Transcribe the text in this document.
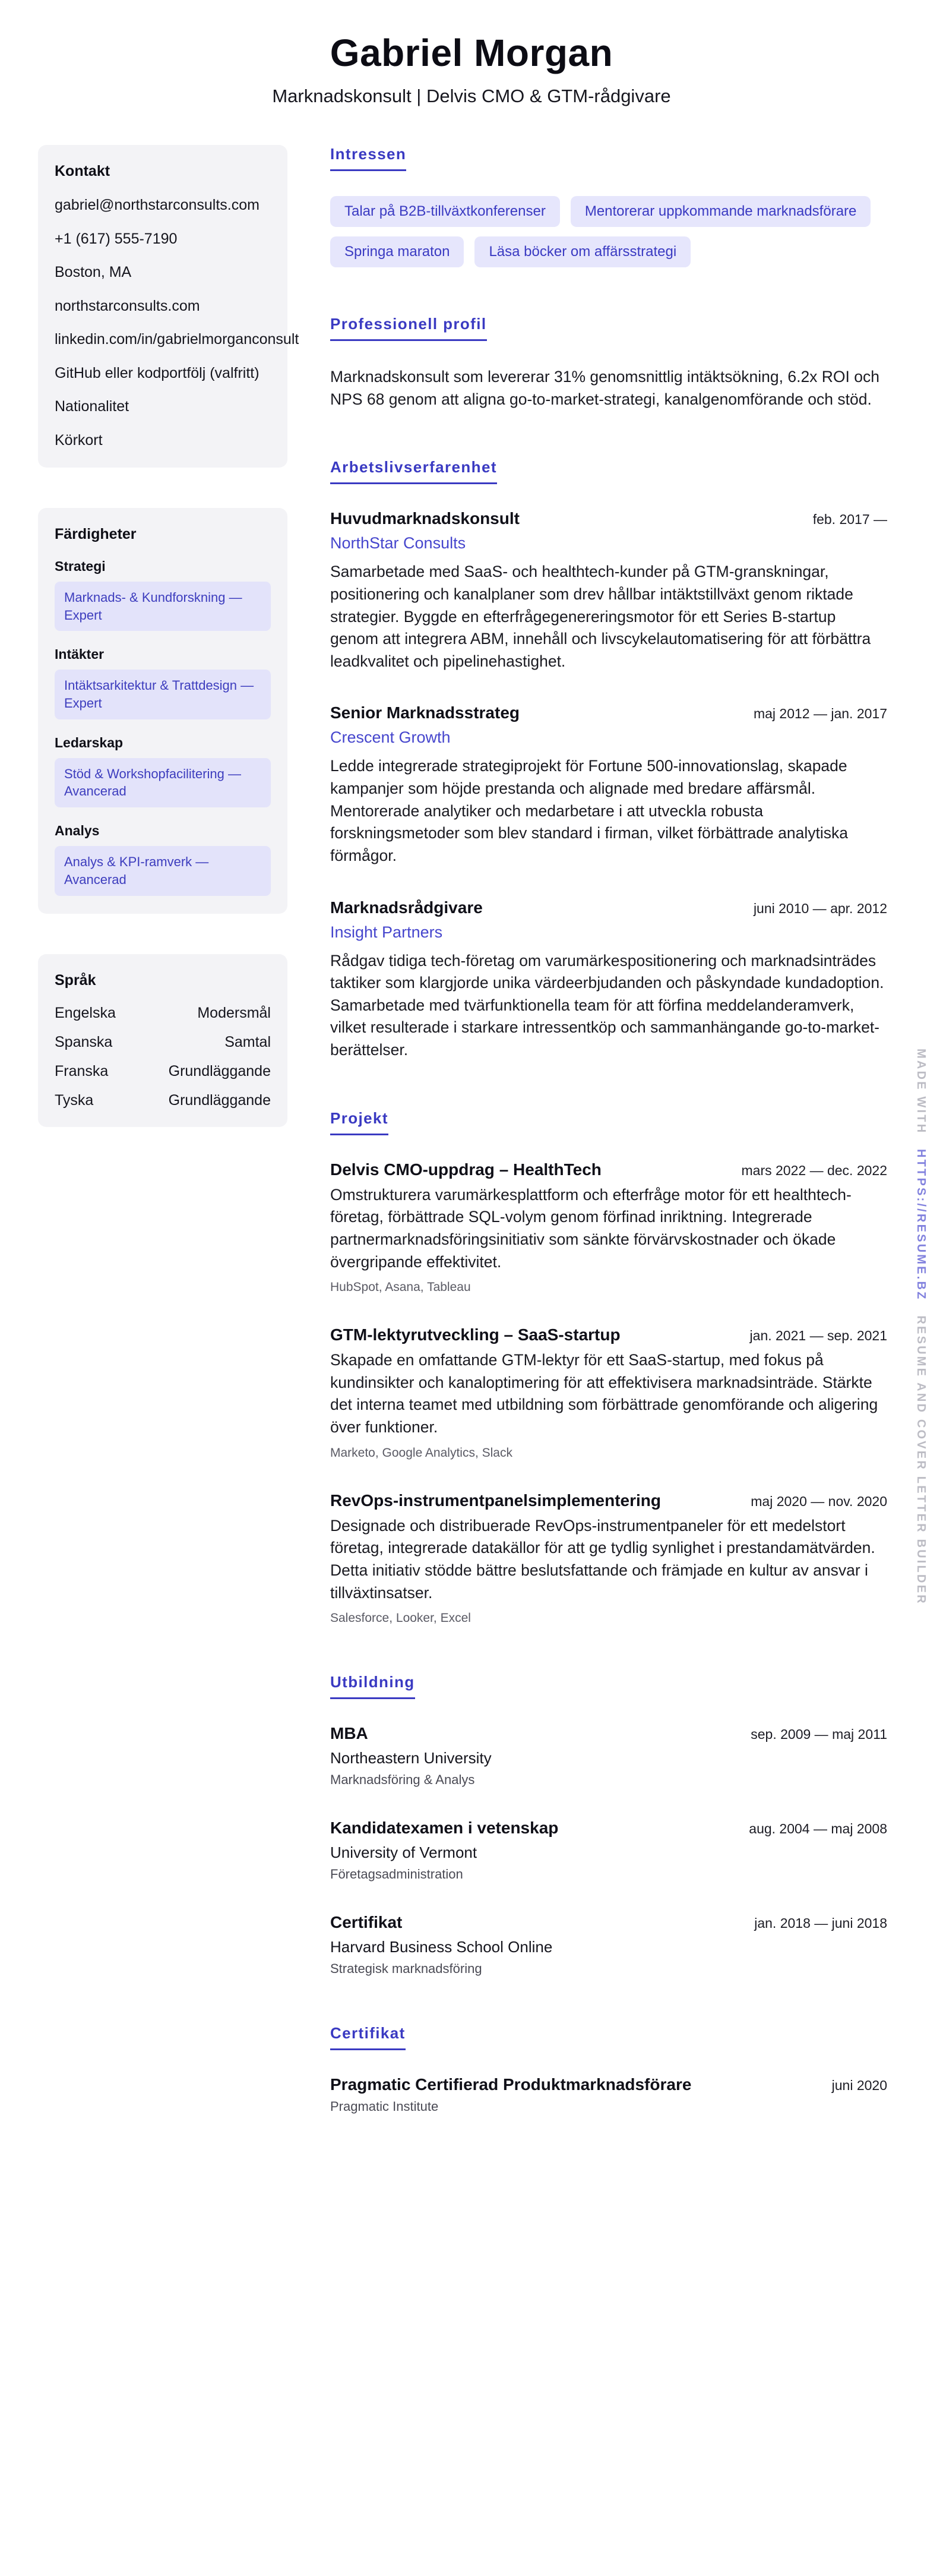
Gabriel Morgan
Marknadskonsult | Delvis CMO & GTM-rådgivare
Kontakt
gabriel@northstarconsults.com
+1 (617) 555-7190
Boston, MA
northstarconsults.com
linkedin.com/in/gabrielmorganconsult
GitHub eller kodportfölj (valfritt)
Nationalitet
Körkort
Färdigheter
Strategi
Marknads- & Kundforskning — Expert
Intäkter
Intäktsarkitektur & Trattdesign — Expert
Ledarskap
Stöd & Workshopfacilitering — Avancerad
Analys
Analys & KPI-ramverk — Avancerad
Språk
Engelska	Modersmål
Spanska	Samtal
Franska	Grundläggande
Tyska	Grundläggande
Intressen
Talar på B2B-tillväxtkonferenser	Mentorerar uppkommande marknadsförare
Springa maraton	Läsa böcker om affärsstrategi
Professionell profil

Marknadskonsult som levererar 31% genomsnittlig intäktsökning, 6.2x ROI och NPS 68 genom att aligna go-to-market-strategi, kanalgenomförande och stöd.

Arbetslivserfarenhet
Huvudmarknadskonsult	feb. 2017 —
NorthStar Consults

Samarbetade med SaaS- och healthtech-kunder på GTM-granskningar, positionering och kanalplaner som drev hållbar intäktstillväxt genom riktade strategier. Byggde en efterfrågegenereringsmotor för ett Series B-startup genom att integrera ABM, innehåll och livscykelautomatisering för att förbättra leadkvalitet och pipelinehastighet.

Senior Marknadsstrateg	maj 2012 — jan. 2017
Crescent Growth

Ledde integrerade strategiprojekt för Fortune 500-innovationslag, skapade kampanjer som höjde prestanda och alignade med bredare affärsmål. Mentorerade analytiker och medarbetare i att utveckla robusta forskningsmetoder som blev standard i firman, vilket förbättrade analytiska förmågor.

Marknadsrådgivare	juni 2010 — apr. 2012
Insight Partners

Rådgav tidiga tech-företag om varumärkespositionering och marknadsinträdes taktiker som klargjorde unika värdeerbjudanden och påskyndade kundadoption. Samarbetade med tvärfunktionella team för att förfina meddelanderamverk, vilket resulterade i starkare intressentköp och sammanhängande go-to-market-berättelser.

Projekt
Delvis CMO-uppdrag – HealthTech	mars 2022 — dec. 2022

Omstrukturera varumärkesplattform och efterfråge motor för ett healthtech-företag, förbättrade SQL-volym genom förfinad inriktning. Integrerade partnermarknadsföringsinitiativ som sänkte förvärvskostnader och ökade övergripande effektivitet.

HubSpot, Asana, Tableau
GTM-lektyrutveckling – SaaS-startup	jan. 2021 — sep. 2021

Skapade en omfattande GTM-lektyr för ett SaaS-startup, med fokus på kundinsikter och kanaloptimering för att effektivisera marknadsinträde. Stärkte det interna teamet med utbildning som förbättrade genomförande och aligering över funktioner.

Marketo, Google Analytics, Slack
RevOps-instrumentpanelsimplementering	maj 2020 — nov. 2020

Designade och distribuerade RevOps-instrumentpaneler för ett medelstort företag, integrerade datakällor för att ge tydlig synlighet i prestandamätvärden. Detta initiativ stödde bättre beslutsfattande och främjade en kultur av ansvar i tillväxtinsatser.

Salesforce, Looker, Excel
Utbildning
MBA	sep. 2009 — maj 2011
Northeastern University
Marknadsföring & Analys
Kandidatexamen i vetenskap	aug. 2004 — maj 2008
University of Vermont
Företagsadministration
Certifikat	jan. 2018 — juni 2018
Harvard Business School Online
Strategisk marknadsföring
Certifikat
Pragmatic Certifierad Produktmarknadsförare	juni 2020
Pragmatic Institute
MADE WITH HTTPS://RESUME.BZ RESUME AND COVER LETTER BUILDER
